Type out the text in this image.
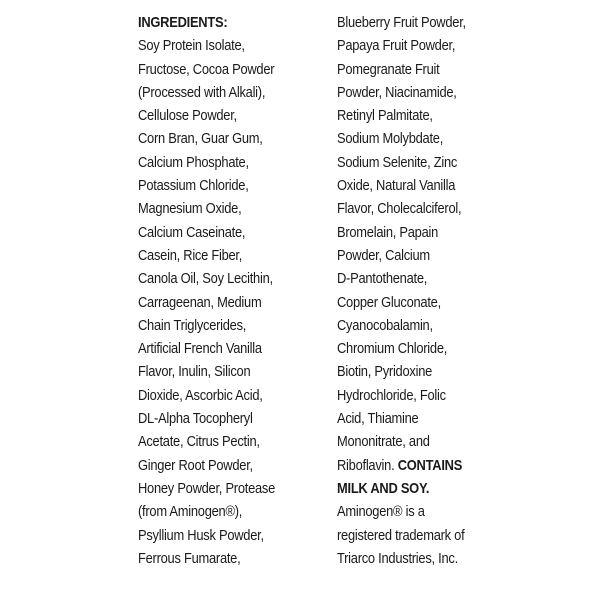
INGREDIENTS:
Soy Protein Isolate,
Fructose, Cocoa Powder
(Processed with Alkali),
Cellulose Powder,
Corn Bran, Guar Gum,
Calcium Phosphate,
Potassium Chloride,
Magnesium Oxide,
Calcium Caseinate,
Casein, Rice Fiber,
Canola Oil, Soy Lecithin,
Carrageenan, Medium
Chain Triglycerides,
Artificial French Vanilla
Flavor, Inulin, Silicon
Dioxide, Ascorbic Acid,
DL-Alpha Tocopheryl
Acetate, Citrus Pectin,
Ginger Root Powder,
Honey Powder, Protease
(from Aminogen®),
Psyllium Husk Powder,
Ferrous Fumarate,
Blueberry Fruit Powder,
Papaya Fruit Powder,
Pomegranate Fruit
Powder, Niacinamide,
Retinyl Palmitate,
Sodium Molybdate,
Sodium Selenite, Zinc
Oxide, Natural Vanilla
Flavor, Cholecalciferol,
Bromelain, Papain
Powder, Calcium
D-Pantothenate,
Copper Gluconate,
Cyanocobalamin,
Chromium Chloride,
Biotin, Pyridoxine
Hydrochloride, Folic
Acid, Thiamine
Mononitrate, and
Riboflavin. CONTAINS
MILK AND SOY.
Aminogen® is a
registered trademark of
Triarco Industries, Inc.
